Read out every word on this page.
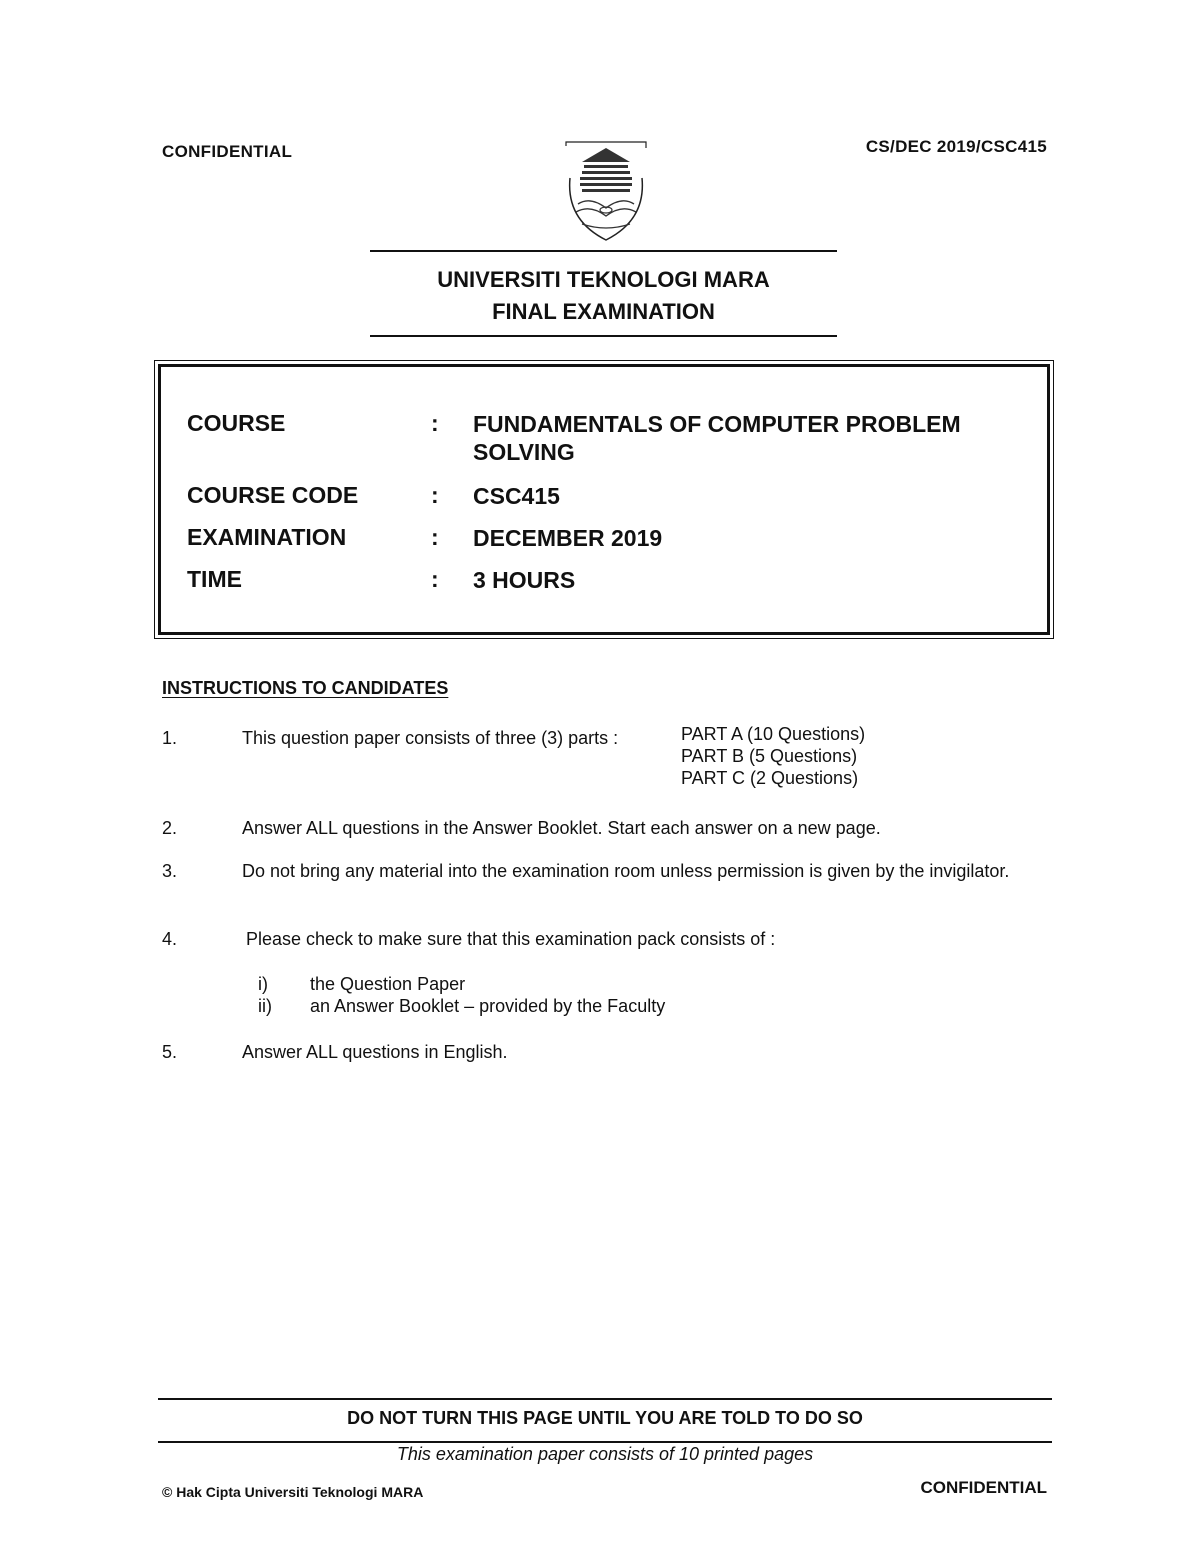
CONFIDENTIAL	CS/DEC 2019/CSC415
UNIVERSITI TEKNOLOGI MARA
FINAL EXAMINATION
COURSE	: FUNDAMENTALS OF COMPUTER PROBLEM SOLVING
COURSE CODE	: CSC415
EXAMINATION	: DECEMBER 2019
TIME	: 3 HOURS
INSTRUCTIONS TO CANDIDATES
1.	This question paper consists of three (3) parts :	PART A (10 Questions)
PART B (5 Questions)
PART C (2 Questions)
2.	Answer ALL questions in the Answer Booklet. Start each answer on a new page.
3.	Do not bring any material into the examination room unless permission is given by the invigilator.
4.	Please check to make sure that this examination pack consists of :
i) the Question Paper
ii) an Answer Booklet – provided by the Faculty
5.	Answer ALL questions in English.
DO NOT TURN THIS PAGE UNTIL YOU ARE TOLD TO DO SO
This examination paper consists of 10 printed pages
© Hak Cipta Universiti Teknologi MARA	CONFIDENTIAL
